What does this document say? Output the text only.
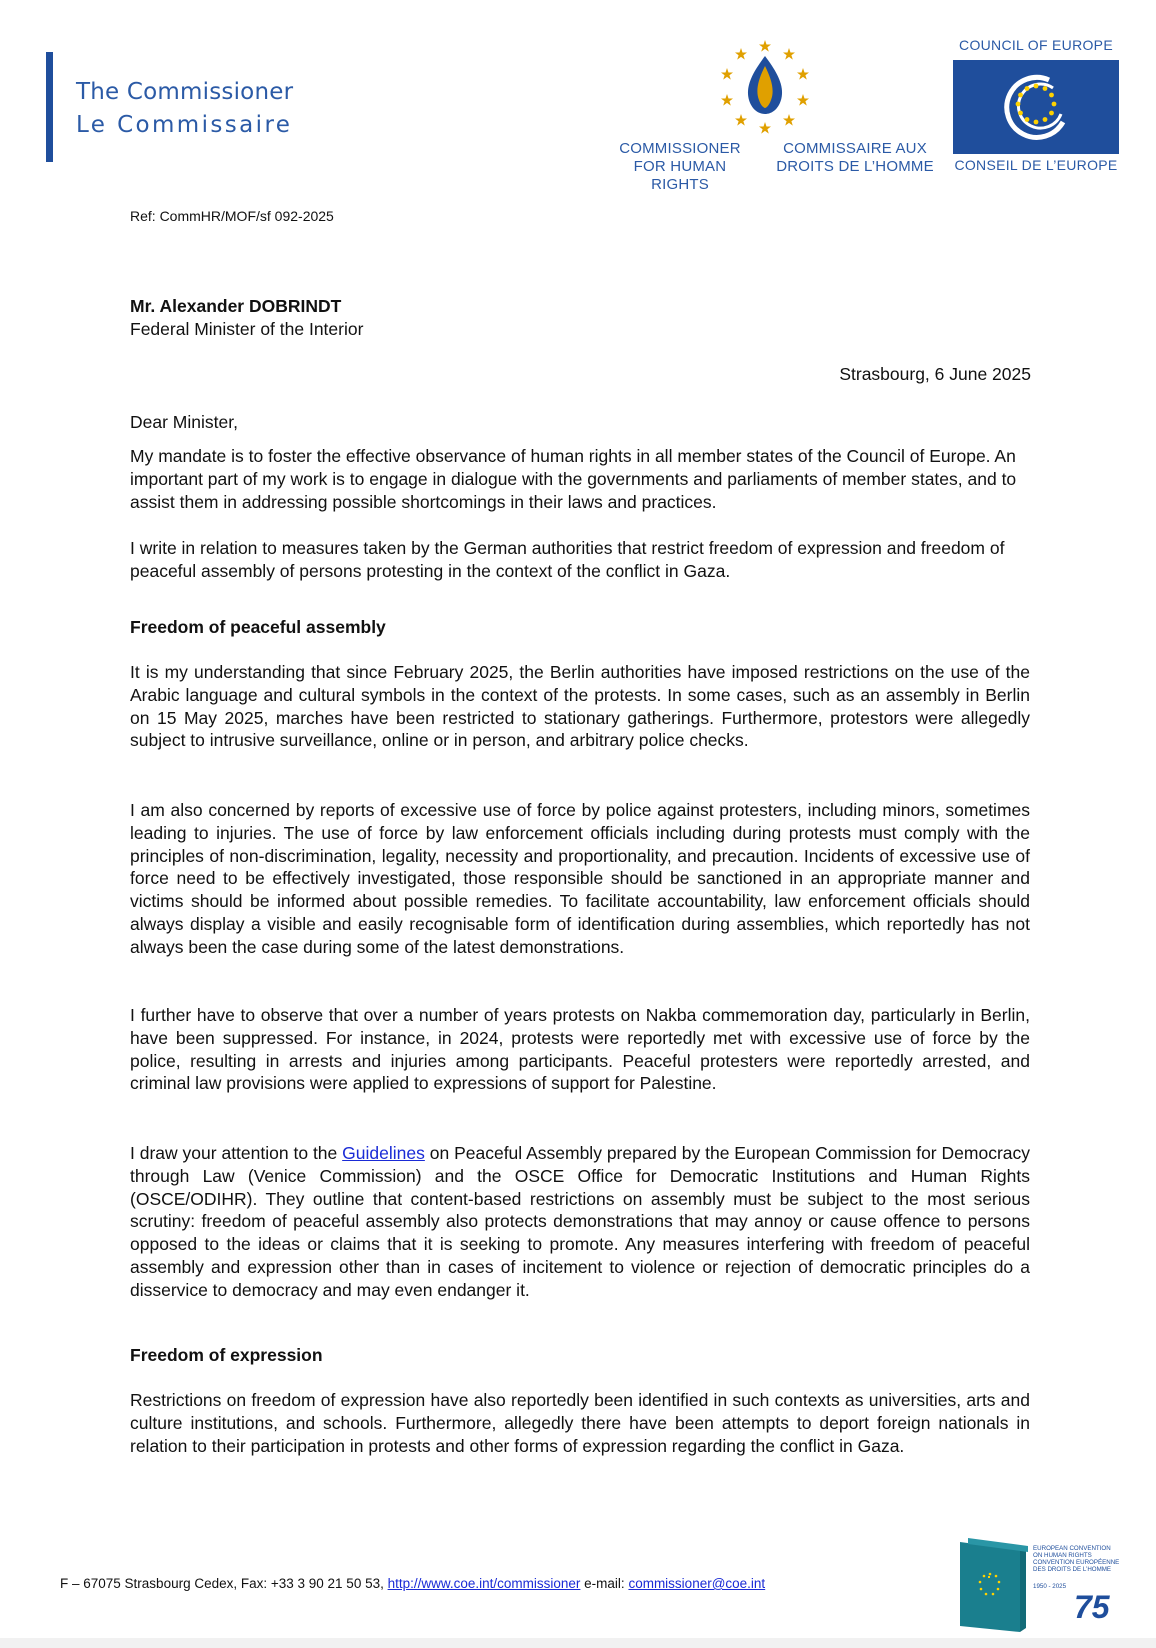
The Commissioner
Le Commissaire
COMMISSIONER
FOR HUMAN RIGHTS
COMMISSAIRE AUX
DROITS DE L’HOMME
COUNCIL OF EUROPE
CONSEIL DE L’EUROPE
Ref: CommHR/MOF/sf 092-2025
Mr. Alexander DOBRINDT
Federal Minister of the Interior
Strasbourg, 6 June 2025
Dear Minister,

My mandate is to foster the effective observance of human rights in all member states of the Council of Europe. An important part of my work is to engage in dialogue with the governments and parliaments of member states, and to assist them in addressing possible shortcomings in their laws and practices.

I write in relation to measures taken by the German authorities that restrict freedom of expression and freedom of peaceful assembly of persons protesting in the context of the conflict in Gaza.

Freedom of peaceful assembly

It is my understanding that since February 2025, the Berlin authorities have imposed restrictions on the use of the Arabic language and cultural symbols in the context of the protests. In some cases, such as an assembly in Berlin on 15 May 2025, marches have been restricted to stationary gatherings. Furthermore, protestors were allegedly subject to intrusive surveillance, online or in person, and arbitrary police checks.

I am also concerned by reports of excessive use of force by police against protesters, including minors, sometimes leading to injuries. The use of force by law enforcement officials including during protests must comply with the principles of non-discrimination, legality, necessity and proportionality, and precaution. Incidents of excessive use of force need to be effectively investigated, those responsible should be sanctioned in an appropriate manner and victims should be informed about possible remedies. To facilitate accountability, law enforcement officials should always display a visible and easily recognisable form of identification during assemblies, which reportedly has not always been the case during some of the latest demonstrations.

I further have to observe that over a number of years protests on Nakba commemoration day, particularly in Berlin, have been suppressed. For instance, in 2024, protests were reportedly met with excessive use of force by the police, resulting in arrests and injuries among participants. Peaceful protesters were reportedly arrested, and criminal law provisions were applied to expressions of support for Palestine.

I draw your attention to the Guidelines on Peaceful Assembly prepared by the European Commission for Democracy through Law (Venice Commission) and the OSCE Office for Democratic Institutions and Human Rights (OSCE/ODIHR). They outline that content-based restrictions on assembly must be subject to the most serious scrutiny: freedom of peaceful assembly also protects demonstrations that may annoy or cause offence to persons opposed to the ideas or claims that it is seeking to promote. Any measures interfering with freedom of peaceful assembly and expression other than in cases of incitement to violence or rejection of democratic principles do a disservice to democracy and may even endanger it.

Freedom of expression

Restrictions on freedom of expression have also reportedly been identified in such contexts as universities, arts and culture institutions, and schools. Furthermore, allegedly there have been attempts to deport foreign nationals in relation to their participation in protests and other forms of expression regarding the conflict in Gaza.

F – 67075 Strasbourg Cedex, Fax: +33 3 90 21 50 53, http://www.coe.int/commissioner e-mail: commissioner@coe.int
EUROPEAN CONVENTION
ON HUMAN RIGHTS
CONVENTION EUROPÉENNE
DES DROITS DE L’HOMME
1950 - 2025
75
